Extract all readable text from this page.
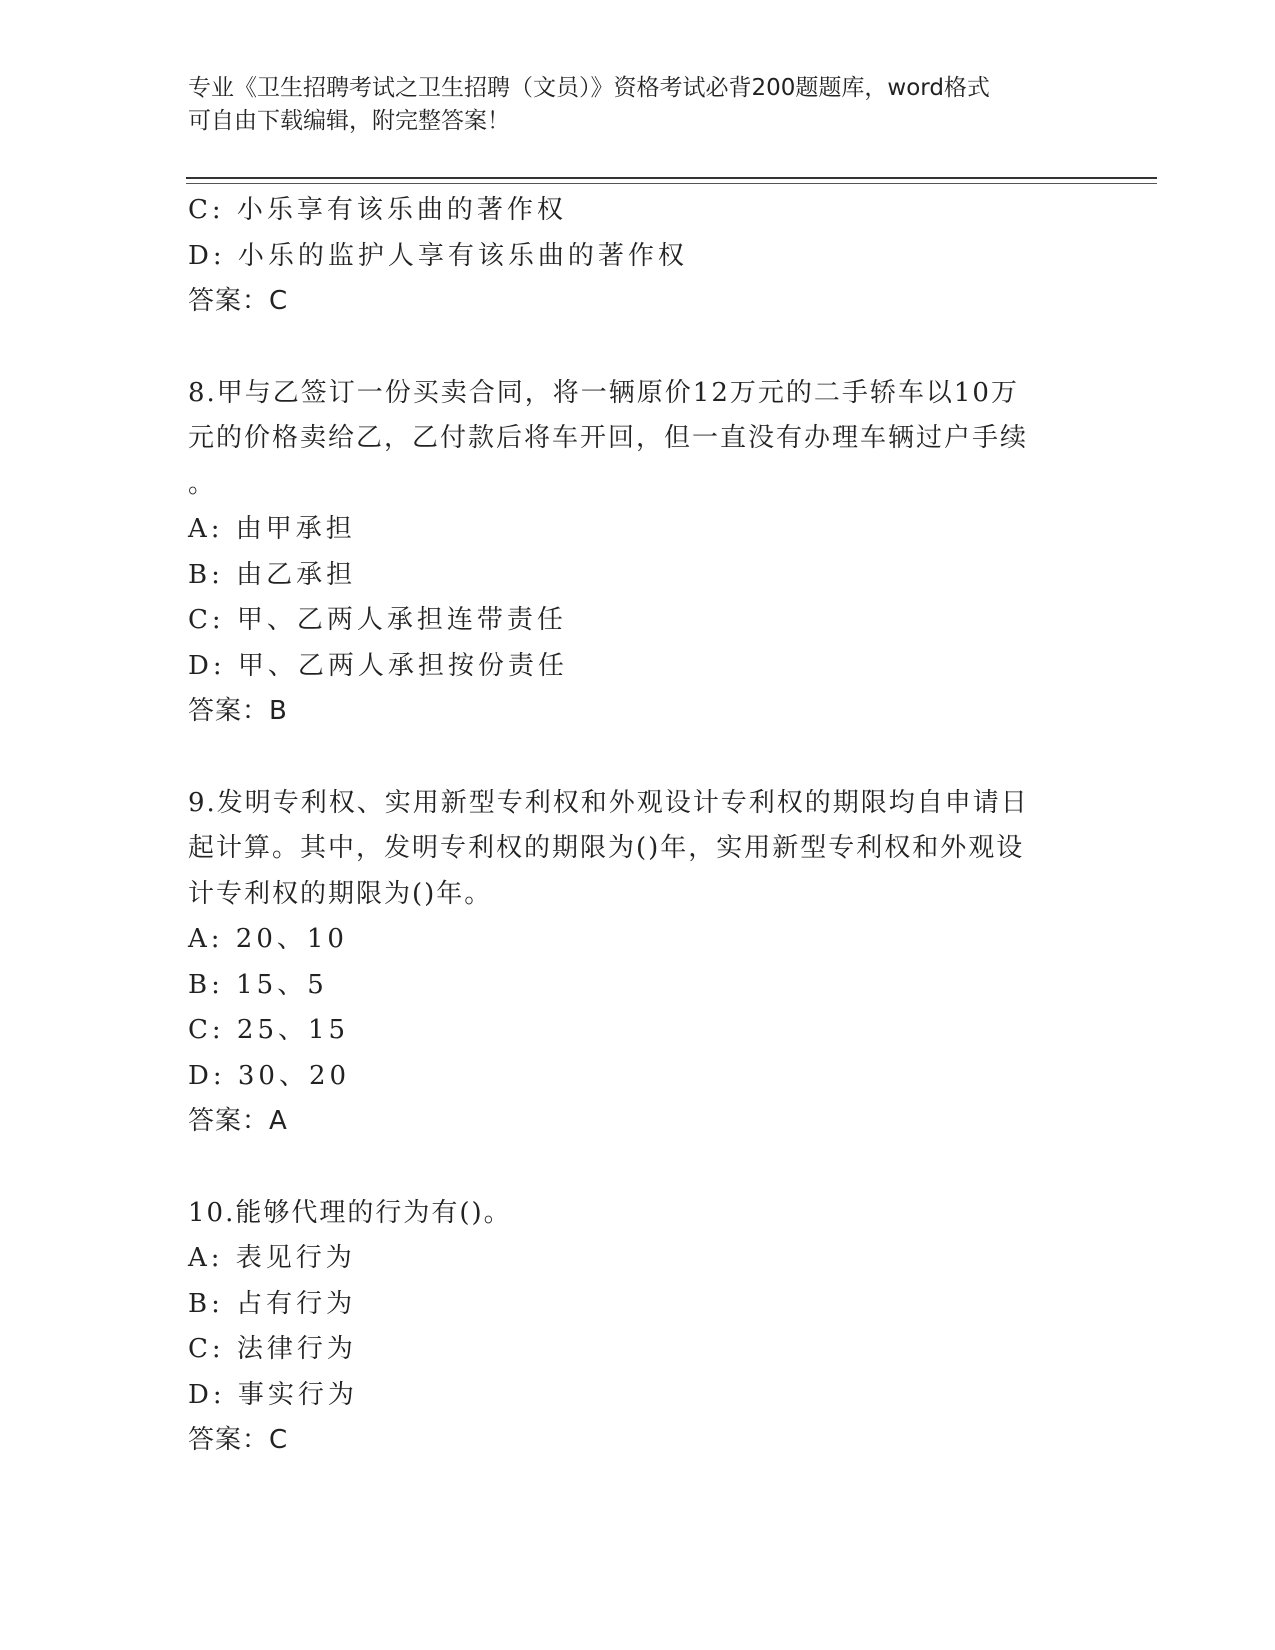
专业《卫生招聘考试之卫生招聘（文员）》资格考试必背200题题库，word格式
可自由下载编辑，附完整答案！
C: 小乐享有该乐曲的著作权
D: 小乐的监护人享有该乐曲的著作权
答案：C
8.甲与乙签订一份买卖合同，将一辆原价12万元的二手轿车以10万
元的价格卖给乙，乙付款后将车开回，但一直没有办理车辆过户手续
。
A: 由甲承担
B: 由乙承担
C: 甲、乙两人承担连带责任
D: 甲、乙两人承担按份责任
答案：B
9.发明专利权、实用新型专利权和外观设计专利权的期限均自申请日
起计算。其中，发明专利权的期限为()年，实用新型专利权和外观设
计专利权的期限为()年。
A: 20、10
B: 15、5
C: 25、15
D: 30、20
答案：A
10.能够代理的行为有()。
A: 表见行为
B: 占有行为
C: 法律行为
D: 事实行为
答案：C
